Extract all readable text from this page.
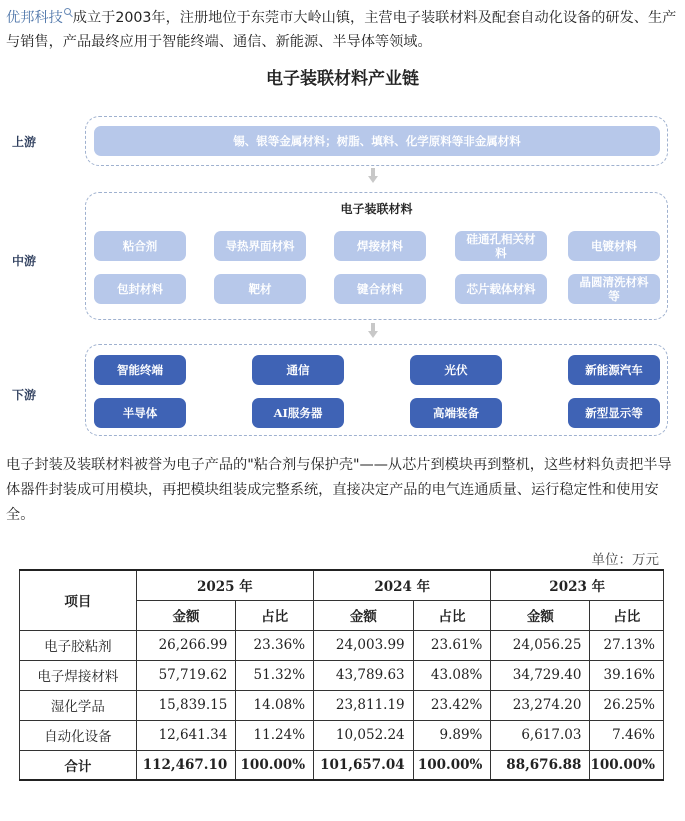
优邦科技 成立于2003年，注册地位于东莞市大岭山镇，主营电子装联材料及配套自动化设备的研发、生产与销售，产品最终应用于智能终端、通信、新能源、半导体等领域。

电子装联材料产业链
上游	锡、银等金属材料；树脂、填料、化学原料等非金属材料
中游
电子装联材料
粘合剂	导热界面材料	焊接材料	硅通孔相关材料	电镀材料
包封材料	靶材	键合材料	芯片载体材料	晶圆清洗材料等
下游
智能终端	通信	光伏	新能源汽车
半导体	AI服务器	高端装备	新型显示等

电子封装及装联材料被誉为电子产品的"粘合剂与保护壳"——从芯片到模块再到整机，这些材料负责把半导体器件封装成可用模块，再把模块组装成完整系统，直接决定产品的电气连通质量、运行稳定性和使用安全。

单位：万元
项目	2025 年		2024 年		2023 年	
	金额	占比	金额	占比	金额	占比
电子胶粘剂	26,266.99	23.36%	24,003.99	23.61%	24,056.25	27.13%
电子焊接材料	57,719.62	51.32%	43,789.63	43.08%	34,729.40	39.16%
湿化学品	15,839.15	14.08%	23,811.19	23.42%	23,274.20	26.25%
自动化设备	12,641.34	11.24%	10,052.24	9.89%	6,617.03	7.46%
合计	112,467.10	100.00%	101,657.04	100.00%	88,676.88	100.00%
